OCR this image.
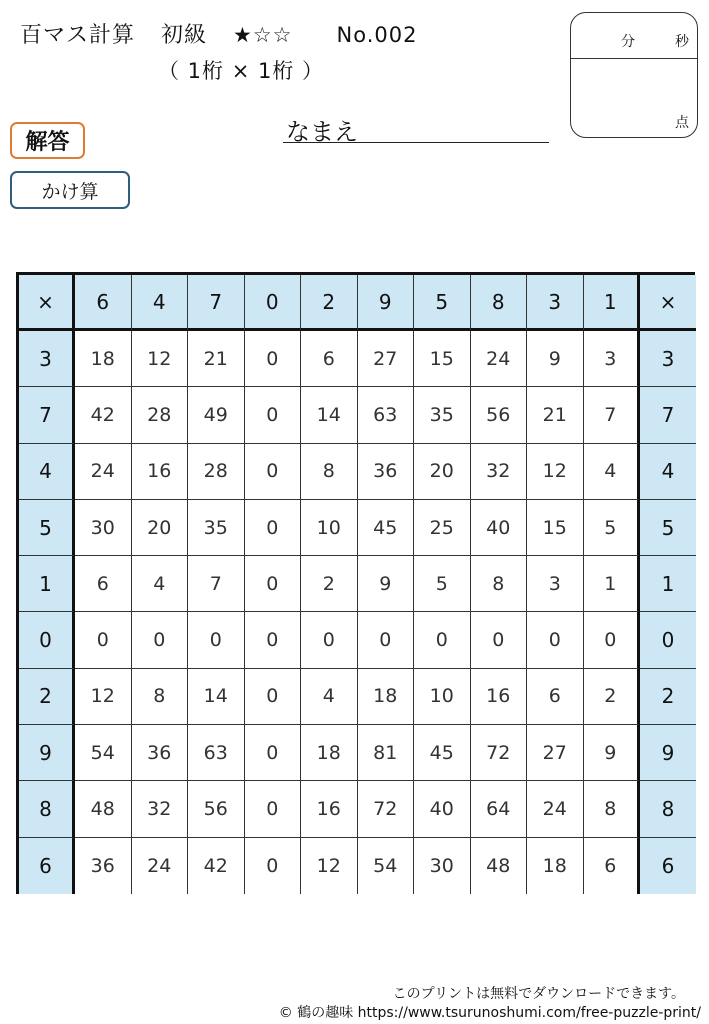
百マス計算 初級 ★☆☆ No.002
（ 1桁 × 1桁 ）
分	秒
点
なまえ
解答
かけ算
×	6	4	7	0	2	9	5	8	3	1	×
3	18	12	21	0	6	27	15	24	9	3	3
7	42	28	49	0	14	63	35	56	21	7	7
4	24	16	28	0	8	36	20	32	12	4	4
5	30	20	35	0	10	45	25	40	15	5	5
1	6	4	7	0	2	9	5	8	3	1	1
0	0	0	0	0	0	0	0	0	0	0	0
2	12	8	14	0	4	18	10	16	6	2	2
9	54	36	63	0	18	81	45	72	27	9	9
8	48	32	56	0	16	72	40	64	24	8	8
6	36	24	42	0	12	54	30	48	18	6	6
このプリントは無料でダウンロードできます。
© 鶴の趣味 https://www.tsurunoshumi.com/free-puzzle-print/
